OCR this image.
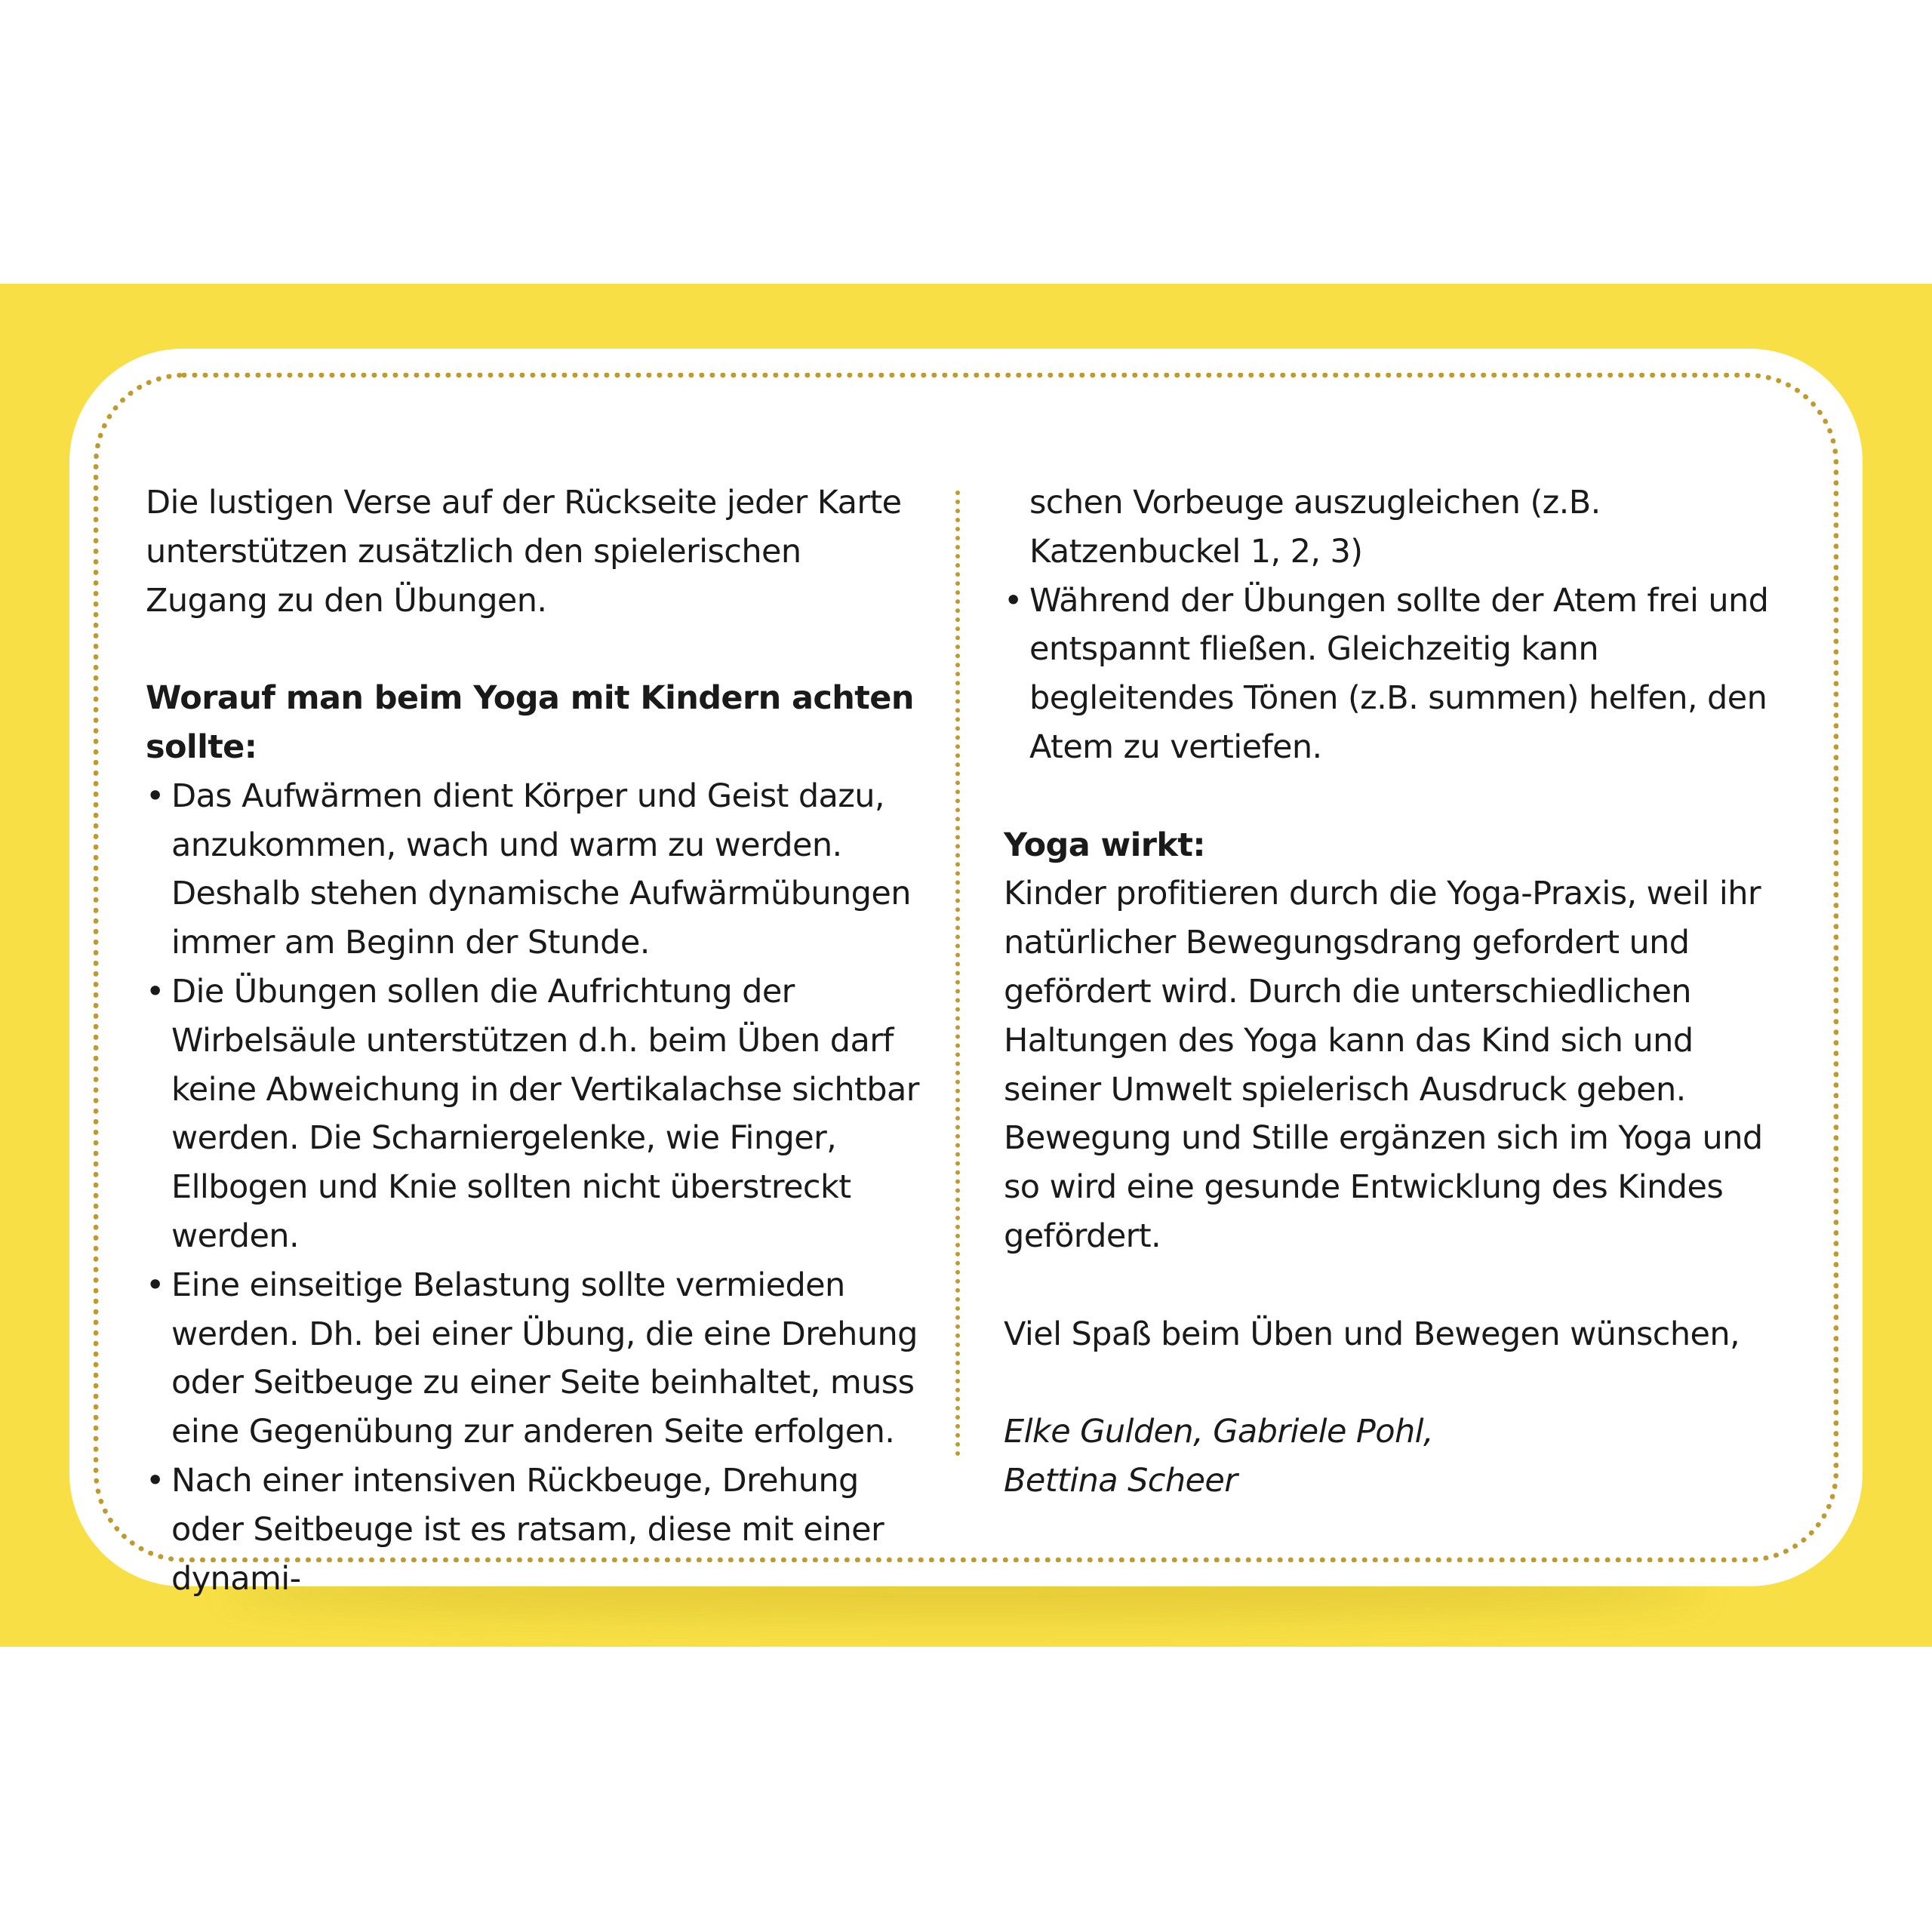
Die lustigen Verse auf der Rückseite jeder Karte unterstützen zusätzlich den spielerischen Zugang zu den Übungen.

Worauf man beim Yoga mit Kindern achten sollte:

• Das Aufwärmen dient Körper und Geist dazu, anzukommen, wach und warm zu werden. Deshalb stehen dynamische Aufwärmübungen immer am Beginn der Stunde.
• Die Übungen sollen die Aufrichtung der Wirbelsäule unterstützen d.h. beim Üben darf keine Abweichung in der Vertikalachse sichtbar werden. Die Scharniergelenke, wie Finger, Ellbogen und Knie sollten nicht überstreckt werden.
• Eine einseitige Belastung sollte vermieden werden. Dh. bei einer Übung, die eine Drehung oder Seitbeuge zu einer Seite beinhaltet, muss eine Gegenübung zur anderen Seite erfolgen.
• Nach einer intensiven Rückbeuge, Drehung oder Seitbeuge ist es ratsam, diese mit einer dynami-

schen Vorbeuge auszugleichen (z.B. Katzenbuckel 1, 2, 3)

• Während der Übungen sollte der Atem frei und entspannt fließen. Gleichzeitig kann begleitendes Tönen (z.B. summen) helfen, den Atem zu vertiefen.

Yoga wirkt:

Kinder profitieren durch die Yoga-Praxis, weil ihr natürlicher Bewegungsdrang gefordert und gefördert wird. Durch die unterschiedlichen Haltungen des Yoga kann das Kind sich und seiner Umwelt spielerisch Ausdruck geben. Bewegung und Stille ergänzen sich im Yoga und so wird eine gesunde Entwicklung des Kindes gefördert.

Viel Spaß beim Üben und Bewegen wünschen,

Elke Gulden, Gabriele Pohl,

Bettina Scheer
